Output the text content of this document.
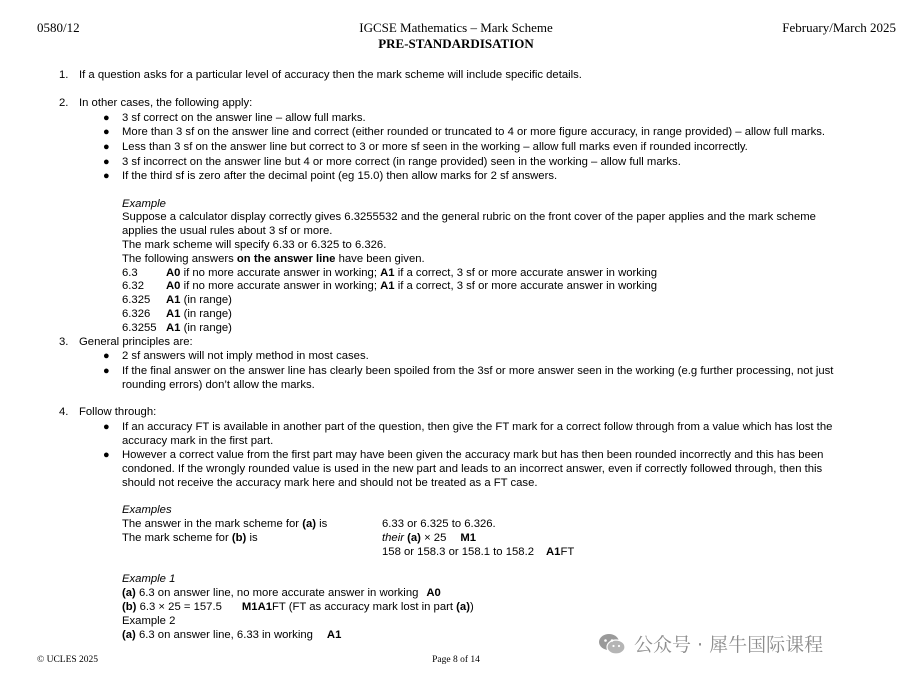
0580/12	IGCSE Mathematics – Mark Scheme
PRE-STANDARDISATION
February/March 2025
1. If a question asks for a particular level of accuracy then the mark scheme will include specific details.
2. In other cases, the following apply:
● 3 sf correct on the answer line – allow full marks.
● More than 3 sf on the answer line and correct (either rounded or truncated to 4 or more figure accuracy, in range provided) – allow full marks.
● Less than 3 sf on the answer line but correct to 3 or more sf seen in the working – allow full marks even if rounded incorrectly.
● 3 sf incorrect on the answer line but 4 or more correct (in range provided) seen in the working – allow full marks.
● If the third sf is zero after the decimal point (eg 15.0) then allow marks for 2 sf answers.
Example
Suppose a calculator display correctly gives 6.3255532 and the general rubric on the front cover of the paper applies and the mark scheme
applies the usual rules about 3 sf or more.
The mark scheme will specify 6.33 or 6.325 to 6.326.
The following answers on the answer line have been given.
6.3	A0 if no more accurate answer in working; A1 if a correct, 3 sf or more accurate answer in working
6.32 A0 if no more accurate answer in working; A1 if a correct, 3 sf or more accurate answer in working
6.325 A1 (in range)
6.326 A1 (in range)
6.3255 A1 (in range)
3. General principles are:
● 2 sf answers will not imply method in most cases.
● If the final answer on the answer line has clearly been spoiled from the 3sf or more answer seen in the working (e.g further processing, not just
rounding errors) don’t allow the marks.
4. Follow through:
● If an accuracy FT is available in another part of the question, then give the FT mark for a correct follow through from a value which has lost the
accuracy mark in the first part.
● However a correct value from the first part may have been given the accuracy mark but has then been rounded incorrectly and this has been
condoned. If the wrongly rounded value is used in the new part and leads to an incorrect answer, even if correctly followed through, then this
should not receive the accuracy mark here and should not be treated as a FT case.
Examples
The answer in the mark scheme for (a) is	6.33 or 6.325 to 6.326.
The mark scheme for (b) is	their (a) × 25 M1
158 or 158.3 or 158.1 to 158.2 A1FT
Example 1
(a) 6.3 on answer line, no more accurate answer in working A0
(b) 6.3 × 25 = 157.5 M1A1FT (FT as accuracy mark lost in part (a))
Example 2
(a) 6.3 on answer line, 6.33 in working A1	公众号 · 犀牛国际课程
© UCLES 2025	Page 8 of 14
